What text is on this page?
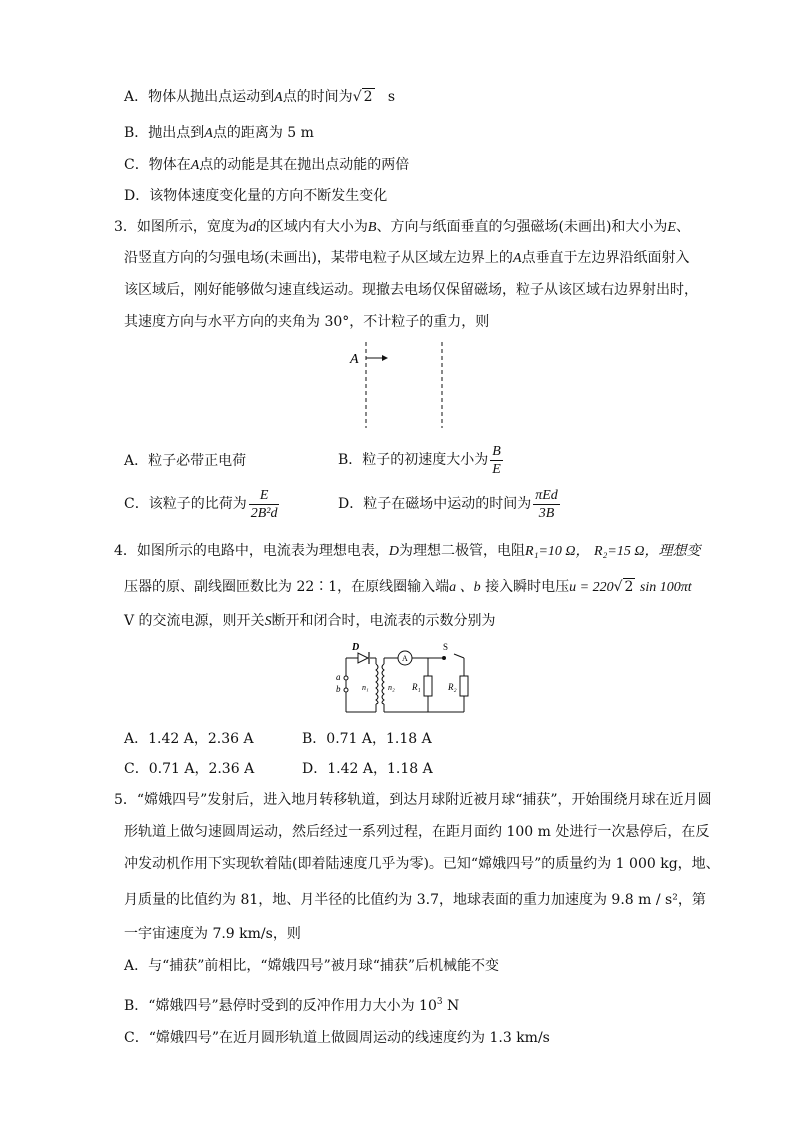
A．物体从抛出点运动到A点的时间为√ 2 s
B．抛出点到A点的距离为 5 m
C．物体在A点的动能是其在抛出点动能的两倍
D．该物体速度变化量的方向不断发生变化
3．如图所示，宽度为d的区域内有大小为B、方向与纸面垂直的匀强磁场(未画出)和大小为E、
沿竖直方向的匀强电场(未画出)，某带电粒子从区域左边界上的A点垂直于左边界沿纸面射入
该区域后，刚好能够做匀速直线运动。现撤去电场仅保留磁场，粒子从该区域右边界射出时，
其速度方向与水平方向的夹角为 30°，不计粒子的重力，则
A
A．粒子必带正电荷	B．粒子的初速度大小为 $\frac{B}{E}$
C．该粒子的比荷为 $\frac{E}{\text{2B²d}}$	D．粒子在磁场中运动的时间为 $\frac{\text{πEd}}{3B}$
4．如图所示的电路中，电流表为理想电表，D为理想二极管，电阻R₁=10 Ω， R₂=15 Ω，理想变
压器的原、副线圈匝数比为 22∶1，在原线圈输入端a 、b 接入瞬时电压u = 220√ 2 sin 100πt
V 的交流电源，则开关S断开和闭合时，电流表的示数分别为
D
A
S
a
b	n₁ n₂ R₁	R₂
A．1.42 A，2.36 A	B．0.71 A，1.18 A
C．0.71 A，2.36 A	D．1.42 A，1.18 A
5．“嫦娥四号”发射后，进入地月转移轨道，到达月球附近被月球“捕获”，开始围绕月球在近月圆
形轨道上做匀速圆周运动，然后经过一系列过程，在距月面约 100 m 处进行一次悬停后，在反
冲发动机作用下实现软着陆(即着陆速度几乎为零)。已知“嫦娥四号”的质量约为 1 000 kg，地、
月质量的比值约为 81，地、月半径的比值约为 3.7，地球表面的重力加速度为 9.8 m / s²，第
一宇宙速度为 7.9 km/s，则
A．与“捕获”前相比，“嫦娥四号”被月球“捕获”后机械能不变
B．“嫦娥四号”悬停时受到的反冲作用力大小为 $10^3$ N
C．“嫦娥四号”在近月圆形轨道上做圆周运动的线速度约为 1.3 km/s
